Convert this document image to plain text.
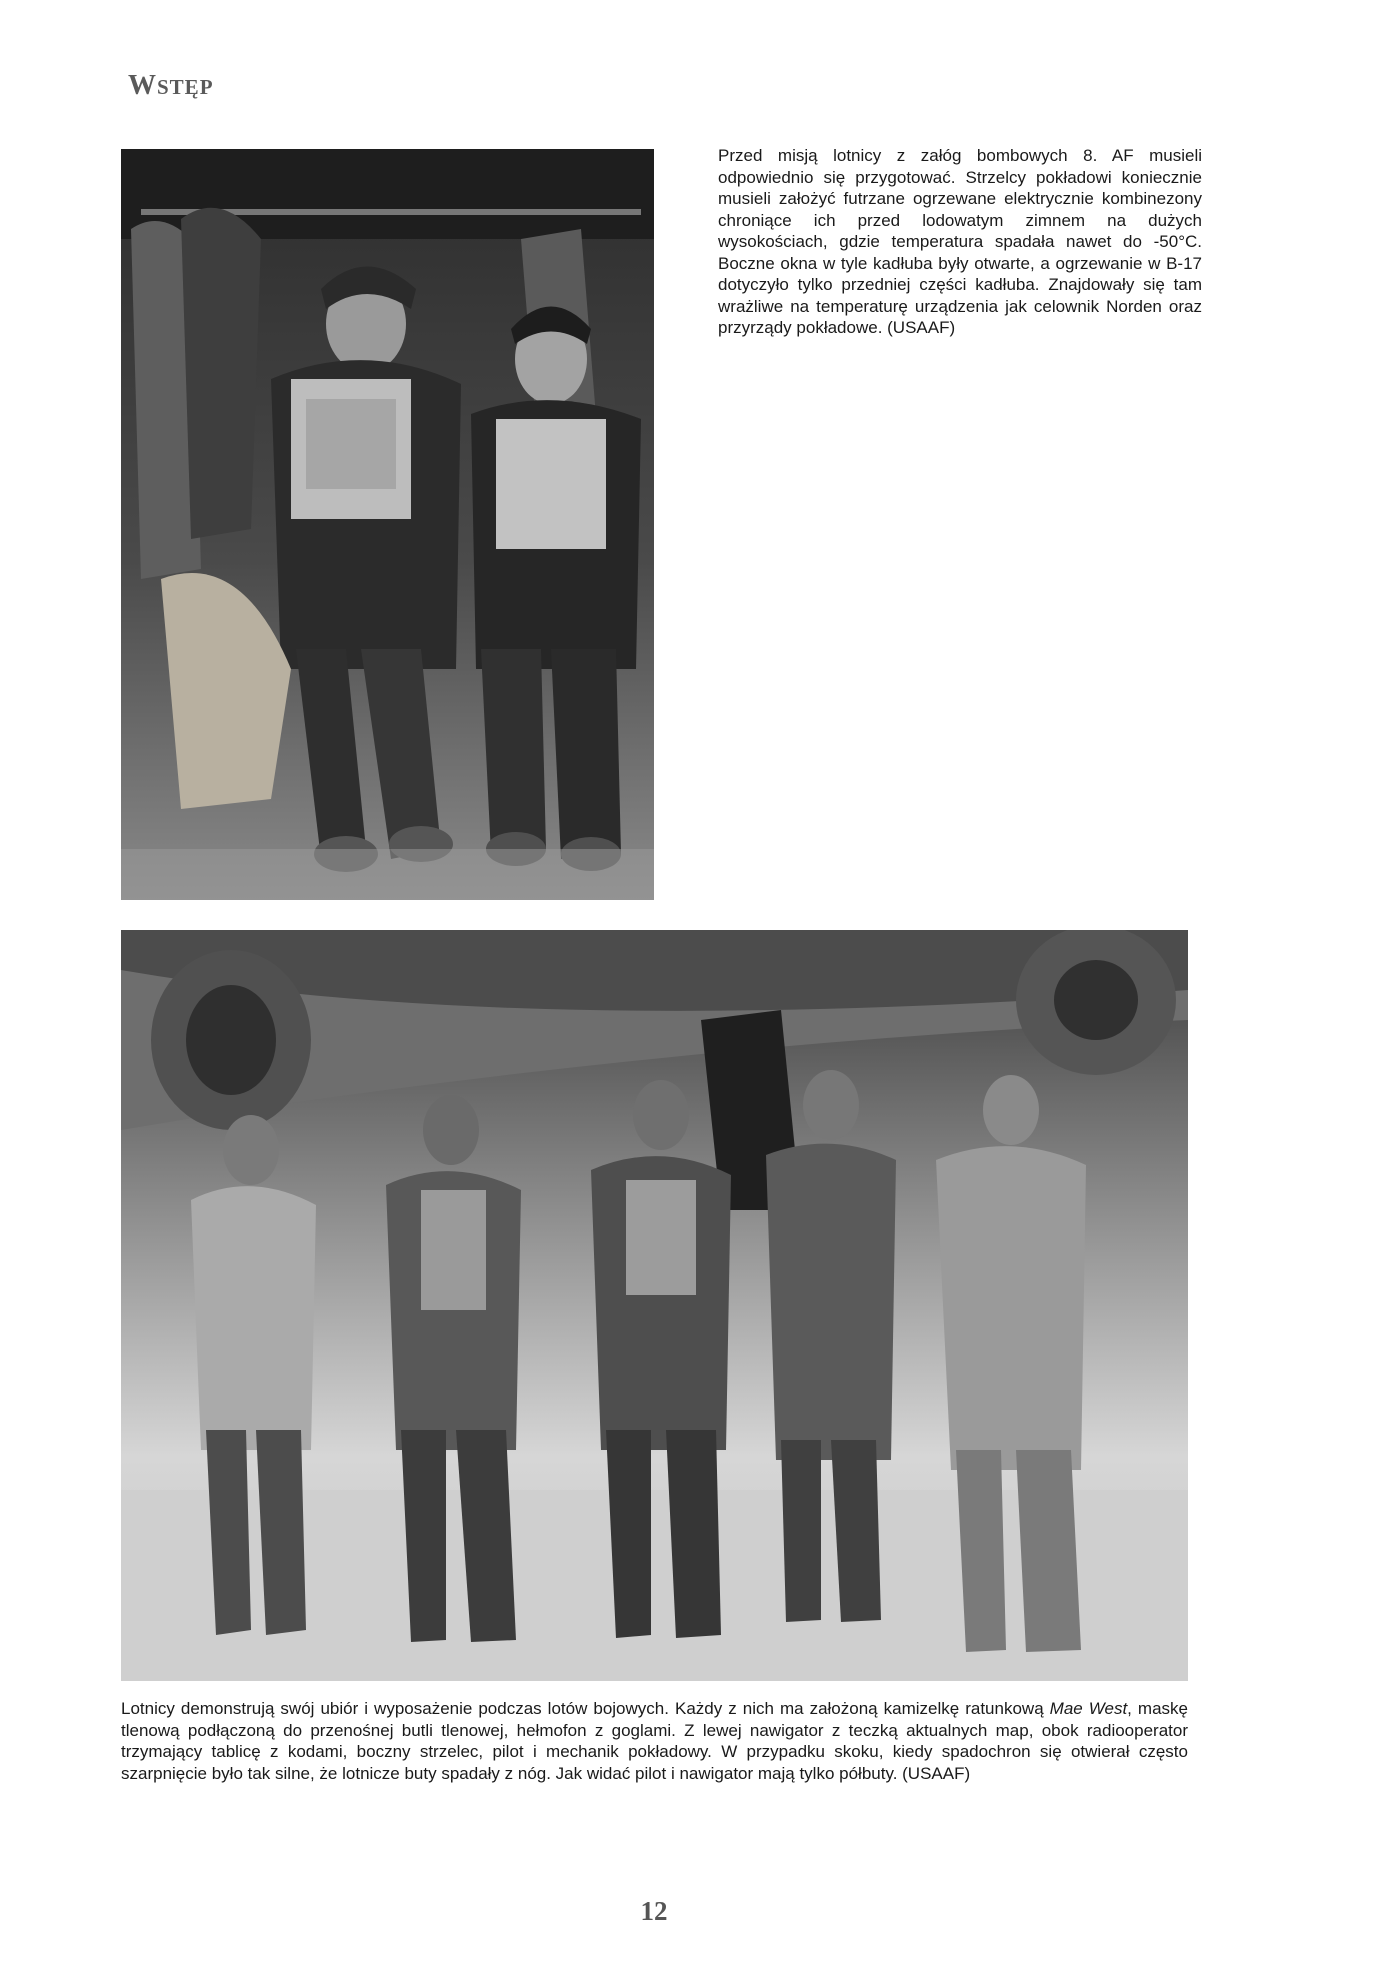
WSTĘP
Przed misją lotnicy z załóg bombowych 8. AF musieli odpowiednio się przygotować. Strzelcy pokładowi koniecznie musieli założyć futrzane ogrzewane elektrycznie kombinezony chroniące ich przed lodowatym zimnem na dużych wysokościach, gdzie temperatura spadała nawet do -50°C. Boczne okna w tyle kadłuba były otwarte, a ogrzewanie w B-17 dotyczyło tylko przedniej części kadłuba. Znajdowały się tam wrażliwe na temperaturę urządzenia jak celownik Norden oraz przyrządy pokładowe. (USAAF)
Lotnicy demonstrują swój ubiór i wyposażenie podczas lotów bojowych. Każdy z nich ma założoną kamizelkę ratunkową Mae West, maskę tlenową podłączoną do przenośnej butli tlenowej, hełmofon z goglami. Z lewej nawigator z teczką aktualnych map, obok radiooperator trzymający tablicę z kodami, boczny strzelec, pilot i mechanik pokładowy. W przypadku skoku, kiedy spadochron się otwierał często szarpnięcie było tak silne, że lotnicze buty spadały z nóg. Jak widać pilot i nawigator mają tylko półbuty. (USAAF)
12
